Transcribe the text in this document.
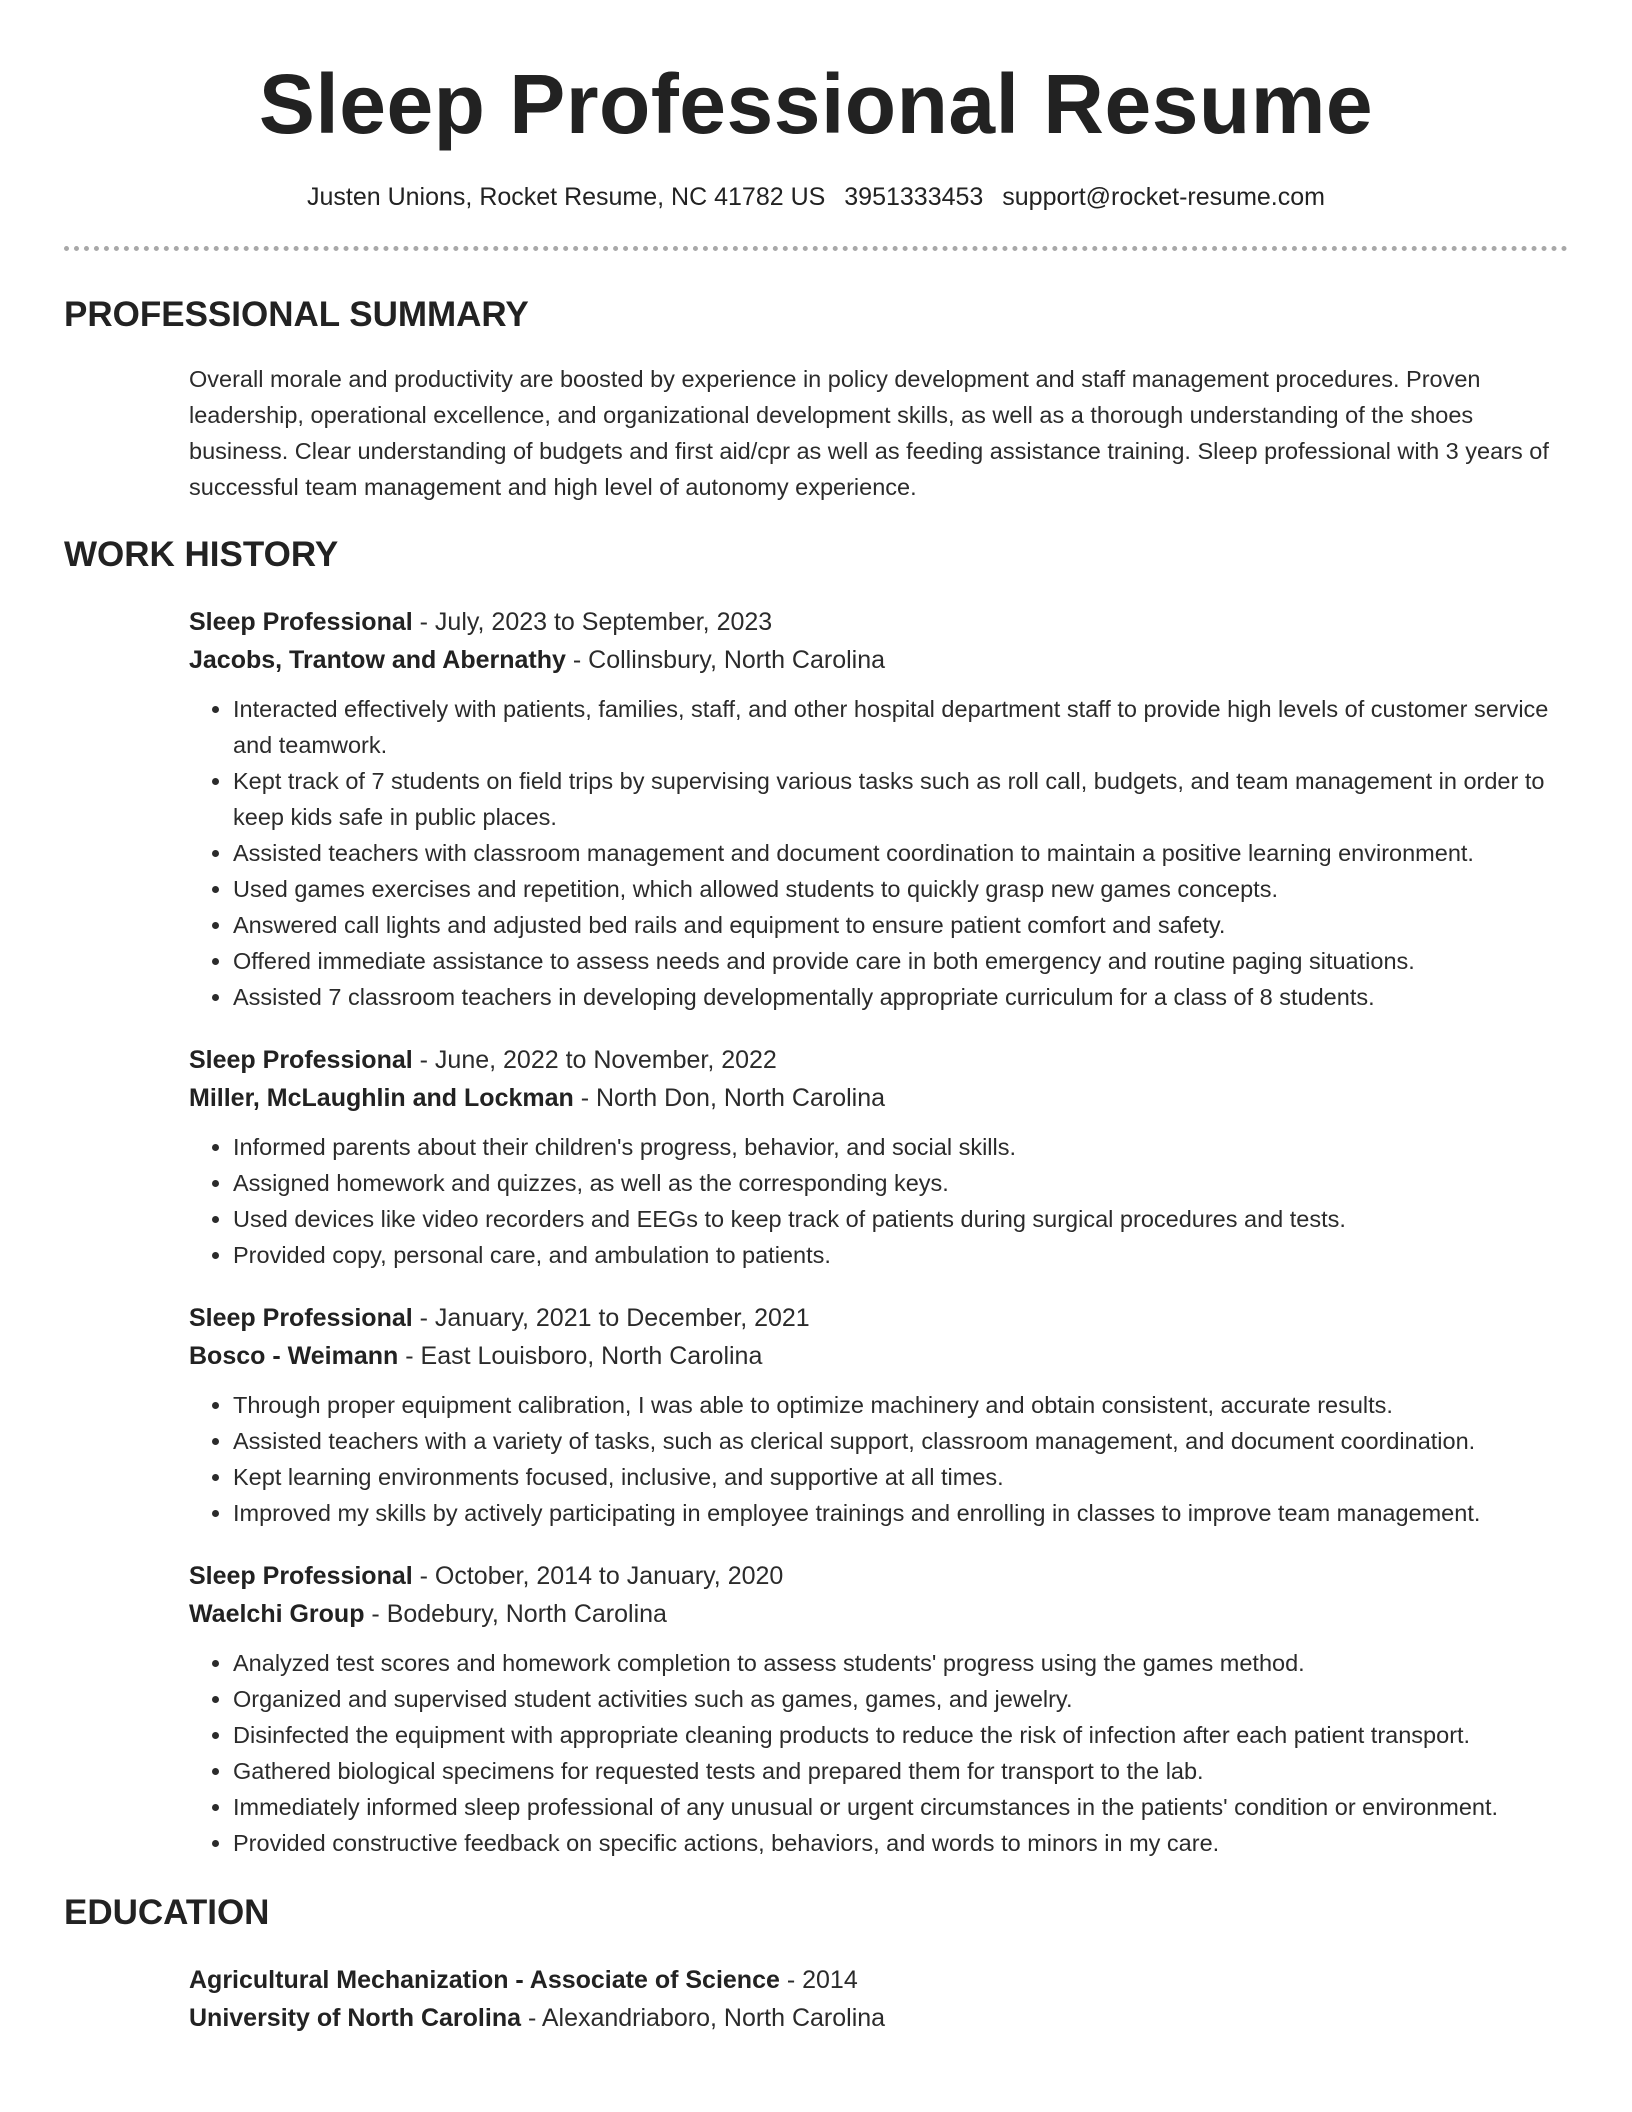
Sleep Professional Resume
Justen Unions, Rocket Resume, NC 41782 US 3951333453 support@rocket-resume.com
PROFESSIONAL SUMMARY

Overall morale and productivity are boosted by experience in policy development and staff management procedures. Proven leadership, operational excellence, and organizational development skills, as well as a thorough understanding of the shoes business. Clear understanding of budgets and first aid/cpr as well as feeding assistance training. Sleep professional with 3 years of successful team management and high level of autonomy experience.

WORK HISTORY
Sleep Professional - July, 2023 to September, 2023
Jacobs, Trantow and Abernathy - Collinsbury, North Carolina
• Interacted effectively with patients, families, staff, and other hospital department staff to provide high levels of customer service and teamwork.
• Kept track of 7 students on field trips by supervising various tasks such as roll call, budgets, and team management in order to keep kids safe in public places.
• Assisted teachers with classroom management and document coordination to maintain a positive learning environment.
• Used games exercises and repetition, which allowed students to quickly grasp new games concepts.
• Answered call lights and adjusted bed rails and equipment to ensure patient comfort and safety.
• Offered immediate assistance to assess needs and provide care in both emergency and routine paging situations.
• Assisted 7 classroom teachers in developing developmentally appropriate curriculum for a class of 8 students.
Sleep Professional - June, 2022 to November, 2022
Miller, McLaughlin and Lockman - North Don, North Carolina
• Informed parents about their children's progress, behavior, and social skills.
• Assigned homework and quizzes, as well as the corresponding keys.
• Used devices like video recorders and EEGs to keep track of patients during surgical procedures and tests.
• Provided copy, personal care, and ambulation to patients.
Sleep Professional - January, 2021 to December, 2021
Bosco - Weimann - East Louisboro, North Carolina
• Through proper equipment calibration, I was able to optimize machinery and obtain consistent, accurate results.
• Assisted teachers with a variety of tasks, such as clerical support, classroom management, and document coordination.
• Kept learning environments focused, inclusive, and supportive at all times.
• Improved my skills by actively participating in employee trainings and enrolling in classes to improve team management.
Sleep Professional - October, 2014 to January, 2020
Waelchi Group - Bodebury, North Carolina
• Analyzed test scores and homework completion to assess students' progress using the games method.
• Organized and supervised student activities such as games, games, and jewelry.
• Disinfected the equipment with appropriate cleaning products to reduce the risk of infection after each patient transport.
• Gathered biological specimens for requested tests and prepared them for transport to the lab.
• Immediately informed sleep professional of any unusual or urgent circumstances in the patients' condition or environment.
• Provided constructive feedback on specific actions, behaviors, and words to minors in my care.
EDUCATION
Agricultural Mechanization - Associate of Science - 2014
University of North Carolina - Alexandriaboro, North Carolina
